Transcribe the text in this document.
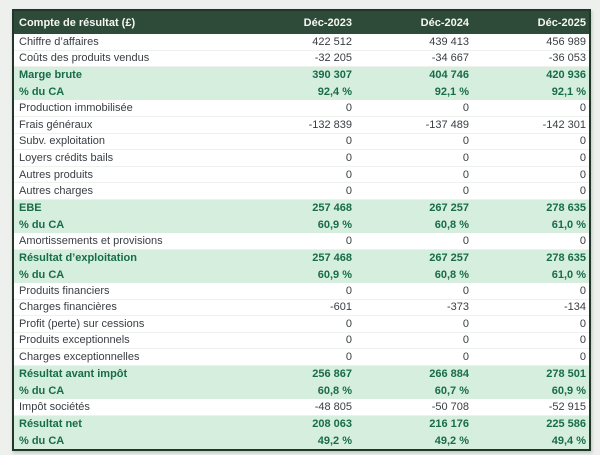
Compte de résultat (£)	Déc-2023	Déc-2024	Déc-2025
Chiffre d’affaires	422 512	439 413	456 989
Coûts des produits vendus	-32 205	-34 667	-36 053
Marge brute	390 307	404 746	420 936
% du CA	92,4 %	92,1 %	92,1 %
Production immobilisée	0	0	0
Frais généraux	-132 839	-137 489	-142 301
Subv. exploitation	0	0	0
Loyers crédits bails	0	0	0
Autres produits	0	0	0
Autres charges	0	0	0
EBE	257 468	267 257	278 635
% du CA	60,9 %	60,8 %	61,0 %
Amortissements et provisions	0	0	0
Résultat d’exploitation	257 468	267 257	278 635
% du CA	60,9 %	60,8 %	61,0 %
Produits financiers	0	0	0
Charges financières	-601	-373	-134
Profit (perte) sur cessions	0	0	0
Produits exceptionnels	0	0	0
Charges exceptionnelles	0	0	0
Résultat avant impôt	256 867	266 884	278 501
% du CA	60,8 %	60,7 %	60,9 %
Impôt sociétés	-48 805	-50 708	-52 915
Résultat net	208 063	216 176	225 586
% du CA	49,2 %	49,2 %	49,4 %
